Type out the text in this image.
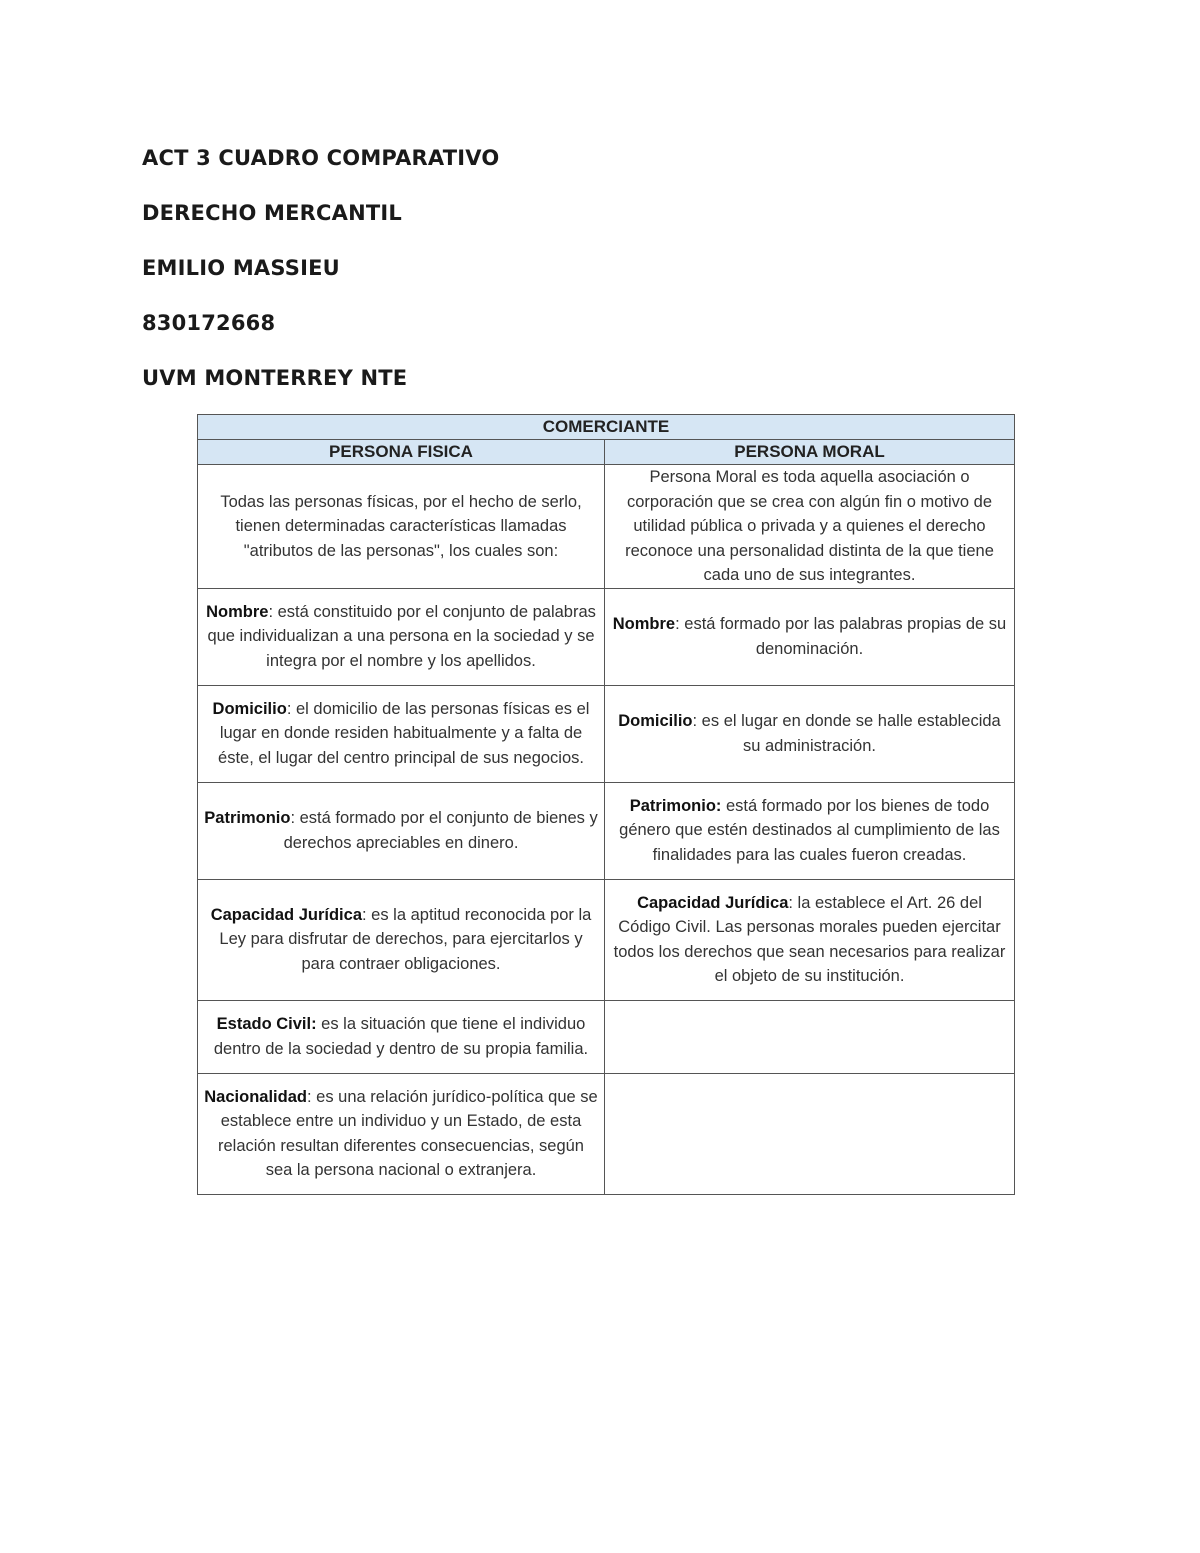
ACT 3 CUADRO COMPARATIVO
DERECHO MERCANTIL
EMILIO MASSIEU
830172668
UVM MONTERREY NTE
COMERCIANTE	
PERSONA FISICA	PERSONA MORAL
Todas las personas físicas, por el hecho de serlo, tienen determinadas características llamadas "atributos de las personas", los cuales son:	Persona Moral es toda aquella asociación o corporación que se crea con algún fin o motivo de utilidad pública o privada y a quienes el derecho reconoce una personalidad distinta de la que tiene cada uno de sus integrantes.
Nombre: está constituido por el conjunto de palabras que individualizan a una persona en la sociedad y se integra por el nombre y los apellidos.	Nombre: está formado por las palabras propias de su denominación.
Domicilio: el domicilio de las personas físicas es el lugar en donde residen habitualmente y a falta de éste, el lugar del centro principal de sus negocios.	Domicilio: es el lugar en donde se halle establecida su administración.
Patrimonio: está formado por el conjunto de bienes y derechos apreciables en dinero.	Patrimonio: está formado por los bienes de todo género que estén destinados al cumplimiento de las finalidades para las cuales fueron creadas.
Capacidad Jurídica: es la aptitud reconocida por la Ley para disfrutar de derechos, para ejercitarlos y para contraer obligaciones.	Capacidad Jurídica: la establece el Art. 26 del Código Civil. Las personas morales pueden ejercitar todos los derechos que sean necesarios para realizar el objeto de su institución.
Estado Civil: es la situación que tiene el individuo dentro de la sociedad y dentro de su propia familia.	
Nacionalidad: es una relación jurídico-política que se establece entre un individuo y un Estado, de esta relación resultan diferentes consecuencias, según sea la persona nacional o extranjera.	
